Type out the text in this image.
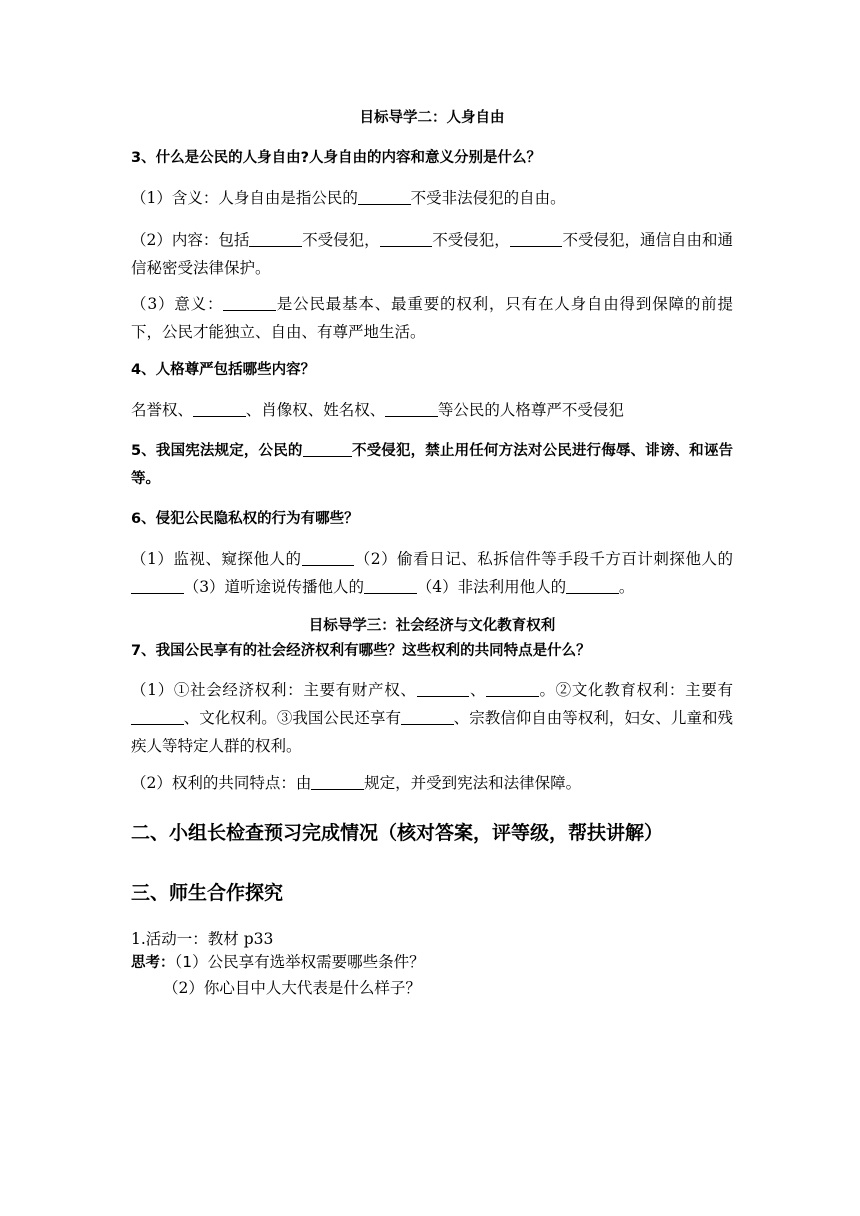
目标导学二：人身自由

3、什么是公民的人身自由?人身自由的内容和意义分别是什么？

（1）含义：人身自由是指公民的	不受非法侵犯的自由。

（2）内容：包括	不受侵犯，	不受侵犯，	不受侵犯，通信自由和通信秘密受法律保护。

（3）意义：	是公民最基本、最重要的权利，只有在人身自由得到保障的前提下，公民才能独立、自由、有尊严地生活。

4、人格尊严包括哪些内容？

名誉权、	、肖像权、姓名权、	等公民的人格尊严不受侵犯

5、我国宪法规定，公民的	不受侵犯，禁止用任何方法对公民进行侮辱、诽谤、和诬告等。

6、侵犯公民隐私权的行为有哪些？

（1）监视、窥探他人的	（2）偷看日记、私拆信件等手段千方百计刺探他人的（3）道听途说传播他人的	（4）非法利用他人的	。

目标导学三：社会经济与文化教育权利

7、我国公民享有的社会经济权利有哪些？这些权利的共同特点是什么？

（1）①社会经济权利：主要有财产权、	、	。②文化教育权利：主要有、文化权利。③我国公民还享有	、宗教信仰自由等权利，妇女、儿童和残疾人等特定人群的权利。

（2）权利的共同特点：由	规定，并受到宪法和法律保障。

二、小组长检查预习完成情况（核对答案，评等级，帮扶讲解）

三、师生合作探究

1.活动一：教材 p33

思考：（1）公民享有选举权需要哪些条件？

（2）你心目中人大代表是什么样子？
